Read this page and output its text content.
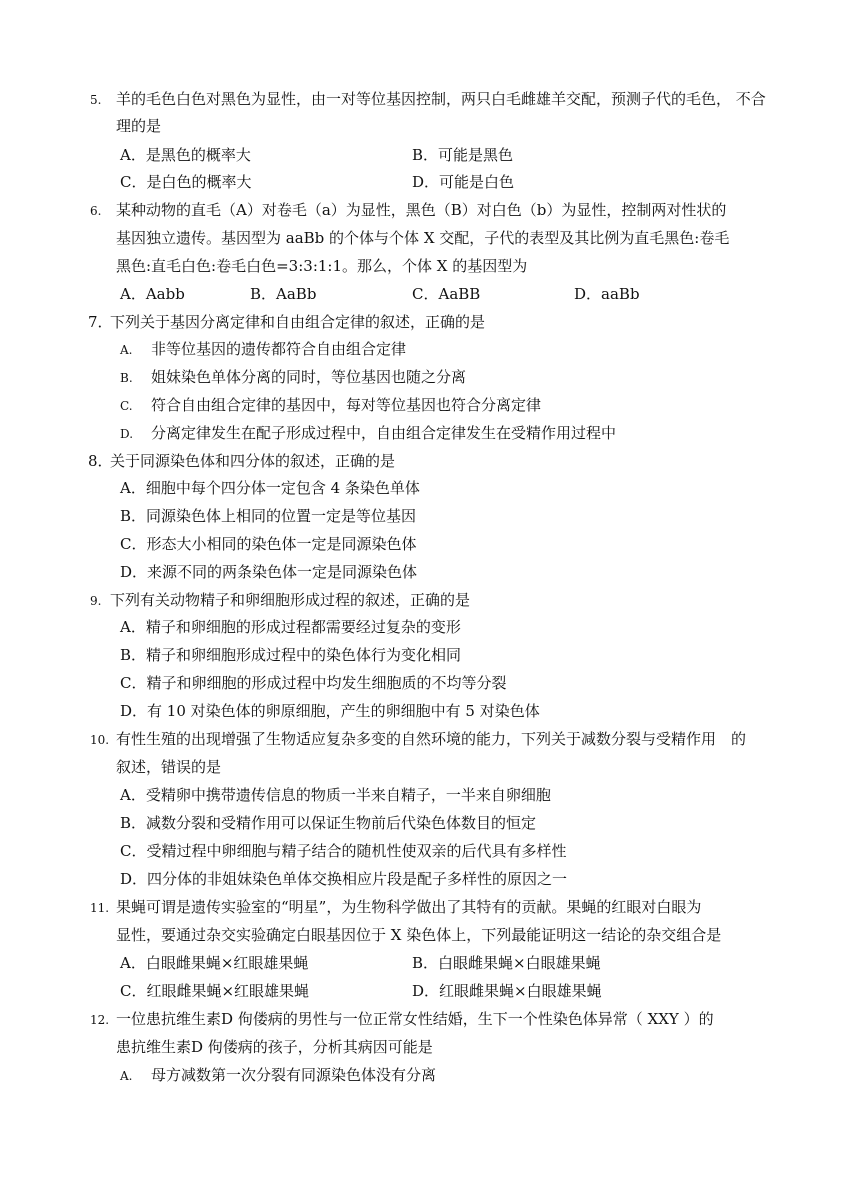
5. 羊的毛色白色对黑色为显性，由一对等位基因控制，两只白毛雌雄羊交配，预测子代的毛色， 不合
理的是
A．是黑色的概率大	B．可能是黑色
C．是白色的概率大	D．可能是白色
6. 某种动物的直毛（A）对卷毛（a）为显性，黑色（B）对白色（b）为显性，控制两对性状的
基因独立遗传。基因型为 aaBb 的个体与个体 X 交配，子代的表型及其比例为直毛黑色:卷毛
黑色:直毛白色:卷毛白色=3:3:1:1。那么，个体 X 的基因型为
A．Aabb	B．AaBb	C．AaBB	D．aaBb
7．
下列关于基因分离定律和自由组合定律的叙述，正确的是
A. 非等位基因的遗传都符合自由组合定律
B. 姐妹染色单体分离的同时，等位基因也随之分离
C. 符合自由组合定律的基因中，每对等位基因也符合分离定律
D. 分离定律发生在配子形成过程中，自由组合定律发生在受精作用过程中
8．
关于同源染色体和四分体的叙述，正确的是
A．细胞中每个四分体一定包含 4 条染色单体
B．同源染色体上相同的位置一定是等位基因
C．形态大小相同的染色体一定是同源染色体
D．来源不同的两条染色体一定是同源染色体
9. 下列有关动物精子和卵细胞形成过程的叙述，正确的是
A．精子和卵细胞的形成过程都需要经过复杂的变形
B．精子和卵细胞形成过程中的染色体行为变化相同
C．精子和卵细胞的形成过程中均发生细胞质的不均等分裂
D．有 10 对染色体的卵原细胞，产生的卵细胞中有 5 对染色体
10. 有性生殖的出现增强了生物适应复杂多变的自然环境的能力，下列关于减数分裂与受精作用　的
叙述，错误的是
A．受精卵中携带遗传信息的物质一半来自精子，一半来自卵细胞
B．减数分裂和受精作用可以保证生物前后代染色体数目的恒定
C．受精过程中卵细胞与精子结合的随机性使双亲的后代具有多样性
D．四分体的非姐妹染色单体交换相应片段是配子多样性的原因之一
11. 果蝇可谓是遗传实验室的“明星”，为生物科学做出了其特有的贡献。果蝇的红眼对白眼为
显性，要通过杂交实验确定白眼基因位于 X 染色体上，下列最能证明这一结论的杂交组合是
A．白眼雌果蝇×红眼雄果蝇	B．白眼雌果蝇×白眼雄果蝇
C．红眼雌果蝇×红眼雄果蝇	D．红眼雌果蝇×白眼雄果蝇
12. 一位患抗维生素D 佝偻病的男性与一位正常女性结婚，生下一个性染色体异常（ XXY ）的
患抗维生素D 佝偻病的孩子，分析其病因可能是
A. 母方减数第一次分裂有同源染色体没有分离
